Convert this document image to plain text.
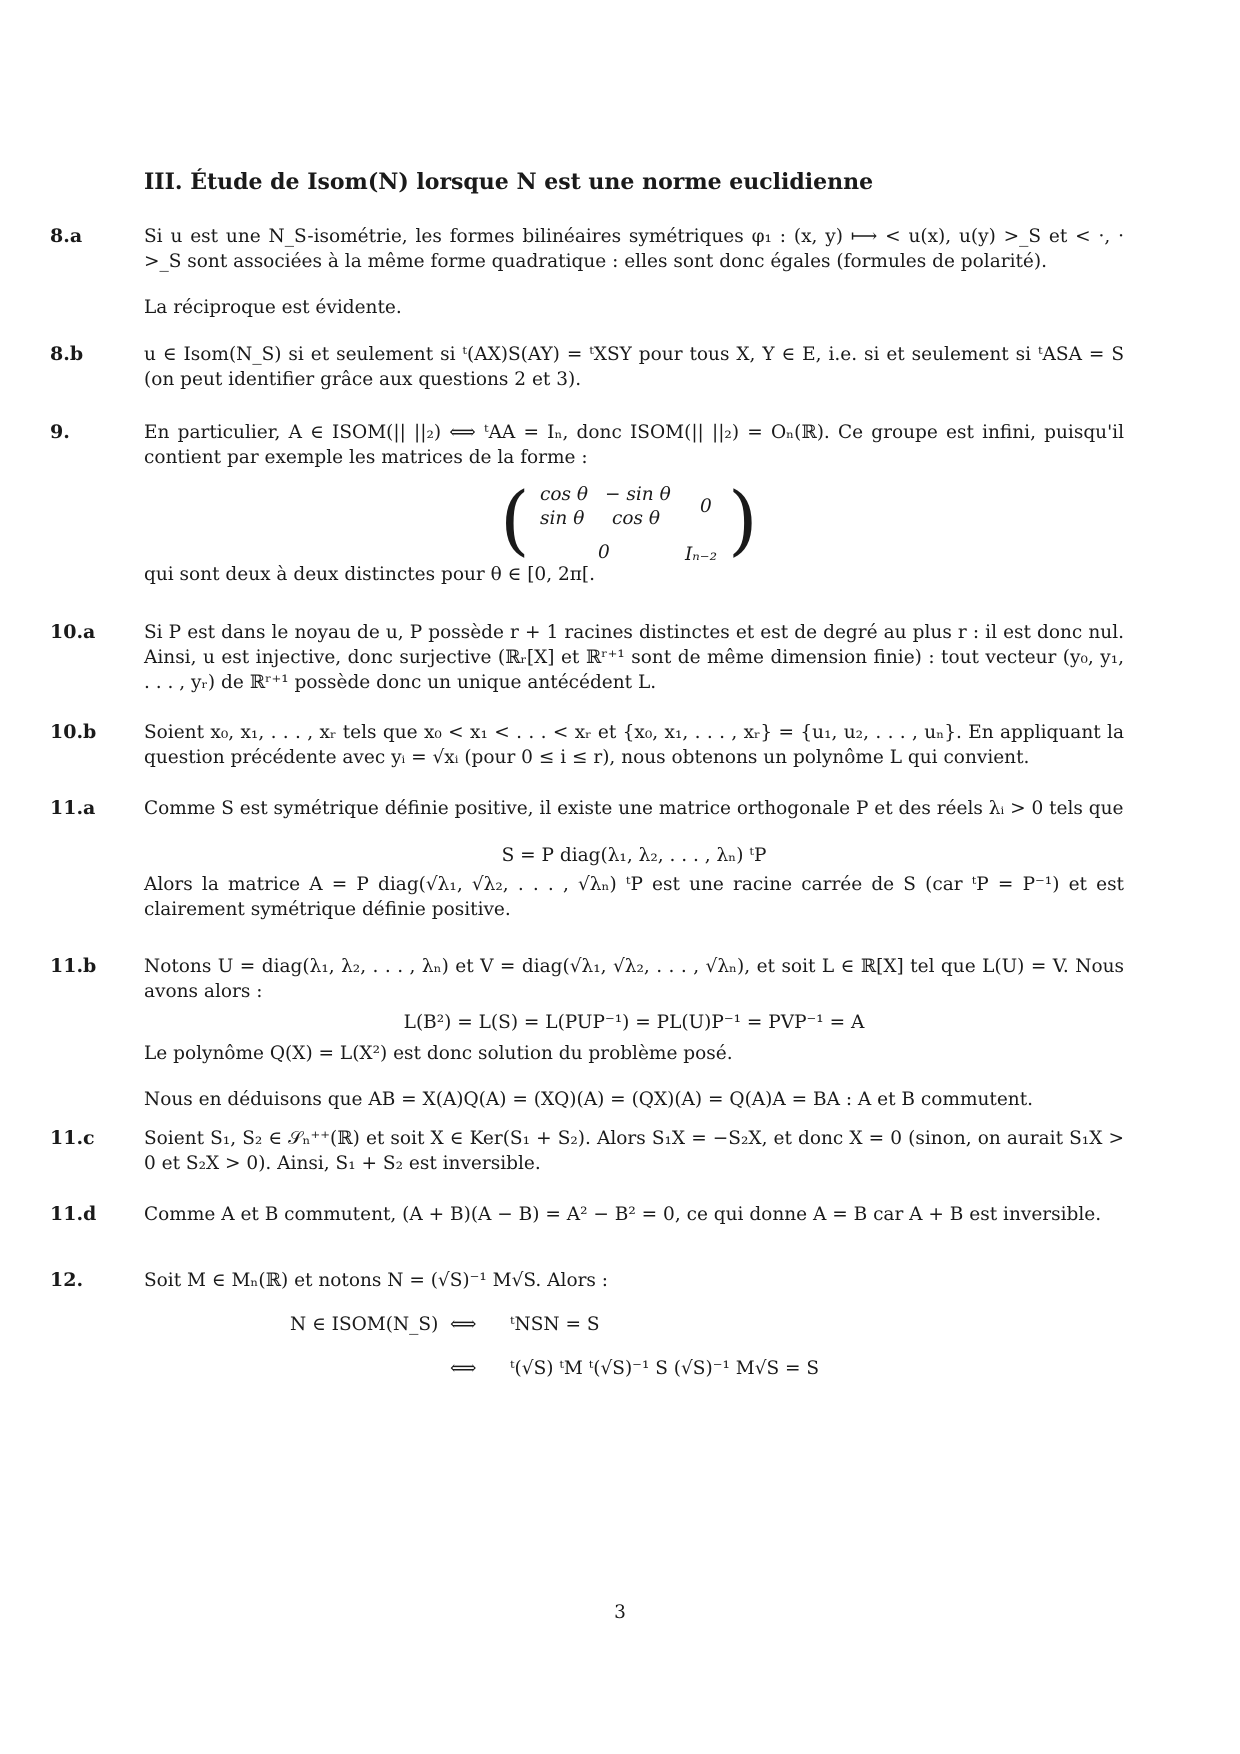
III. Étude de Isom(N) lorsque N est une norme euclidienne
8.a	Si u est une N_S-isométrie, les formes bilinéaires symétriques φ₁ : (x, y) ⟼ < u(x), u(y) >_S et < ·, · >_S sont associées à la même forme quadratique : elles sont donc égales (formules de polarité).

La réciproque est évidente.

8.b	u ∈ Isom(N_S) si et seulement si ᵗ(AX)S(AY) = ᵗXSY pour tous X, Y ∈ E, i.e. si et seulement si ᵗASA = S (on peut identifier grâce aux questions 2 et 3).

9.	En particulier, A ∈ ISOM(|| ||₂) ⟺ ᵗAA = Iₙ, donc ISOM(|| ||₂) = Oₙ(ℝ). Ce groupe est infini, puisqu'il contient par exemple les matrices de la forme :

(	)
cos θ − sin θ
0
sin θ cos θ
0	Iₙ₋₂

qui sont deux à deux distinctes pour θ ∈ [0, 2π[.

10.a	Si P est dans le noyau de u, P possède r + 1 racines distinctes et est de degré au plus r : il est donc nul. Ainsi, u est injective, donc surjective (ℝᵣ[X] et ℝʳ⁺¹ sont de même dimension finie) : tout vecteur (y₀, y₁, . . . , yᵣ) de ℝʳ⁺¹ possède donc un unique antécédent L.

10.b	Soient x₀, x₁, . . . , xᵣ tels que x₀ < x₁ < . . . < xᵣ et {x₀, x₁, . . . , xᵣ} = {u₁, u₂, . . . , uₙ}. En appliquant la question précédente avec yᵢ = √xᵢ (pour 0 ≤ i ≤ r), nous obtenons un polynôme L qui convient.

11.a	Comme S est symétrique définie positive, il existe une matrice orthogonale P et des réels λᵢ > 0 tels que

S = P diag(λ₁, λ₂, . . . , λₙ) ᵗP

Alors la matrice A = P diag(√λ₁, √λ₂, . . . , √λₙ) ᵗP est une racine carrée de S (car ᵗP = P⁻¹) et est clairement symétrique définie positive.

11.b	Notons U = diag(λ₁, λ₂, . . . , λₙ) et V = diag(√λ₁, √λ₂, . . . , √λₙ), et soit L ∈ ℝ[X] tel que L(U) = V. Nous avons alors :

L(B²) = L(S) = L(PUP⁻¹) = PL(U)P⁻¹ = PVP⁻¹ = A

Le polynôme Q(X) = L(X²) est donc solution du problème posé.

Nous en déduisons que AB = X(A)Q(A) = (XQ)(A) = (QX)(A) = Q(A)A = BA : A et B commutent.

11.c	Soient S₁, S₂ ∈ 𝒮ₙ⁺⁺(ℝ) et soit X ∈ Ker(S₁ + S₂). Alors S₁X = −S₂X, et donc X = 0 (sinon, on aurait S₁X > 0 et S₂X > 0). Ainsi, S₁ + S₂ est inversible.

11.d	Comme A et B commutent, (A + B)(A − B) = A² − B² = 0, ce qui donne A = B car A + B est inversible.

12.	Soit M ∈ Mₙ(ℝ) et notons N = (√S)⁻¹ M√S. Alors :

N ∈ ISOM(N_S) ⟺ ᵗNSN = S
⟺ ᵗ(√S) ᵗM ᵗ(√S)⁻¹ S (√S)⁻¹ M√S = S
3
